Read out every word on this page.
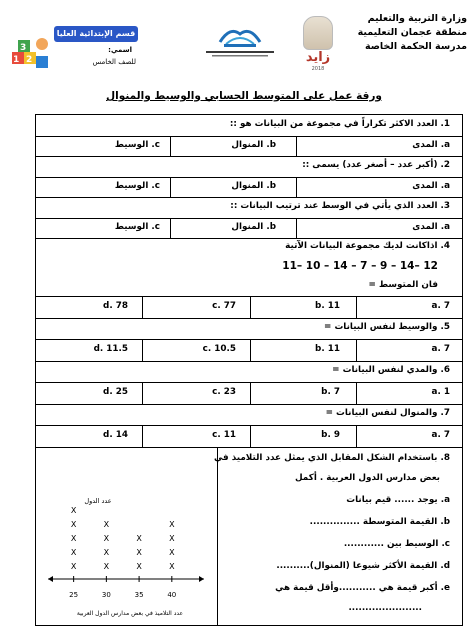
وزارة التربية والتعليم
منطقة عجمان التعليمية
مدرسة الحكمة الخاصة
زايد
2018
قسم الإبتدائية العليا بنين اسمي:
للصف الخامس
1 2
3
ورقة عمل على المتوسط الحسابي والوسيط والمنوال
1. العدد الاكثر تكراراً في مجموعة من البيانات هو ::
a. المدى
b. المنوال
c. الوسيط
2. (أكبر عدد – أصغر عدد) يسمى ::
a. المدى
b. المنوال
c. الوسيط
3. العدد الذي يأتي في الوسط عند ترتيب البيانات ::
a. المدى
b. المنوال
c. الوسيط
4. اذاكانت لديك مجموعة البيانات الآتية
11– 10 – 14 – 7 – 9 – 14– 12
فان المتوسط =
a. 7
b. 11
c. 77
d. 78
5. والوسيط لنفس البيانات =
a. 7
b. 11
c. 10.5
d. 11.5
6. والمدي لنفس البيانات =
a. 1
b. 7
c. 23
d. 25
7. والمنوال لنفس البيانات =
a. 7
b. 9
c. 11
d. 14
8. باستخدام الشكل المقابل الذي يمثل عدد التلاميذ في
بعض مدارس الدول العربية . أكمل
a. يوجد ...... قيم بيانات
b. القيمة المتوسطة ...............
c. الوسيط بين ............
d. القيمة الأكثر شيوعا (المنوال)..........
e. أكبر قيمة هي ...........وأقل قيمة هي
......................
25	30	35	40
X
X
X
X
X
X
X
X
X
X
X
X
X
X
X
X
عدد الدول
عدد التلاميذ في بعض مدارس الدول العربية
